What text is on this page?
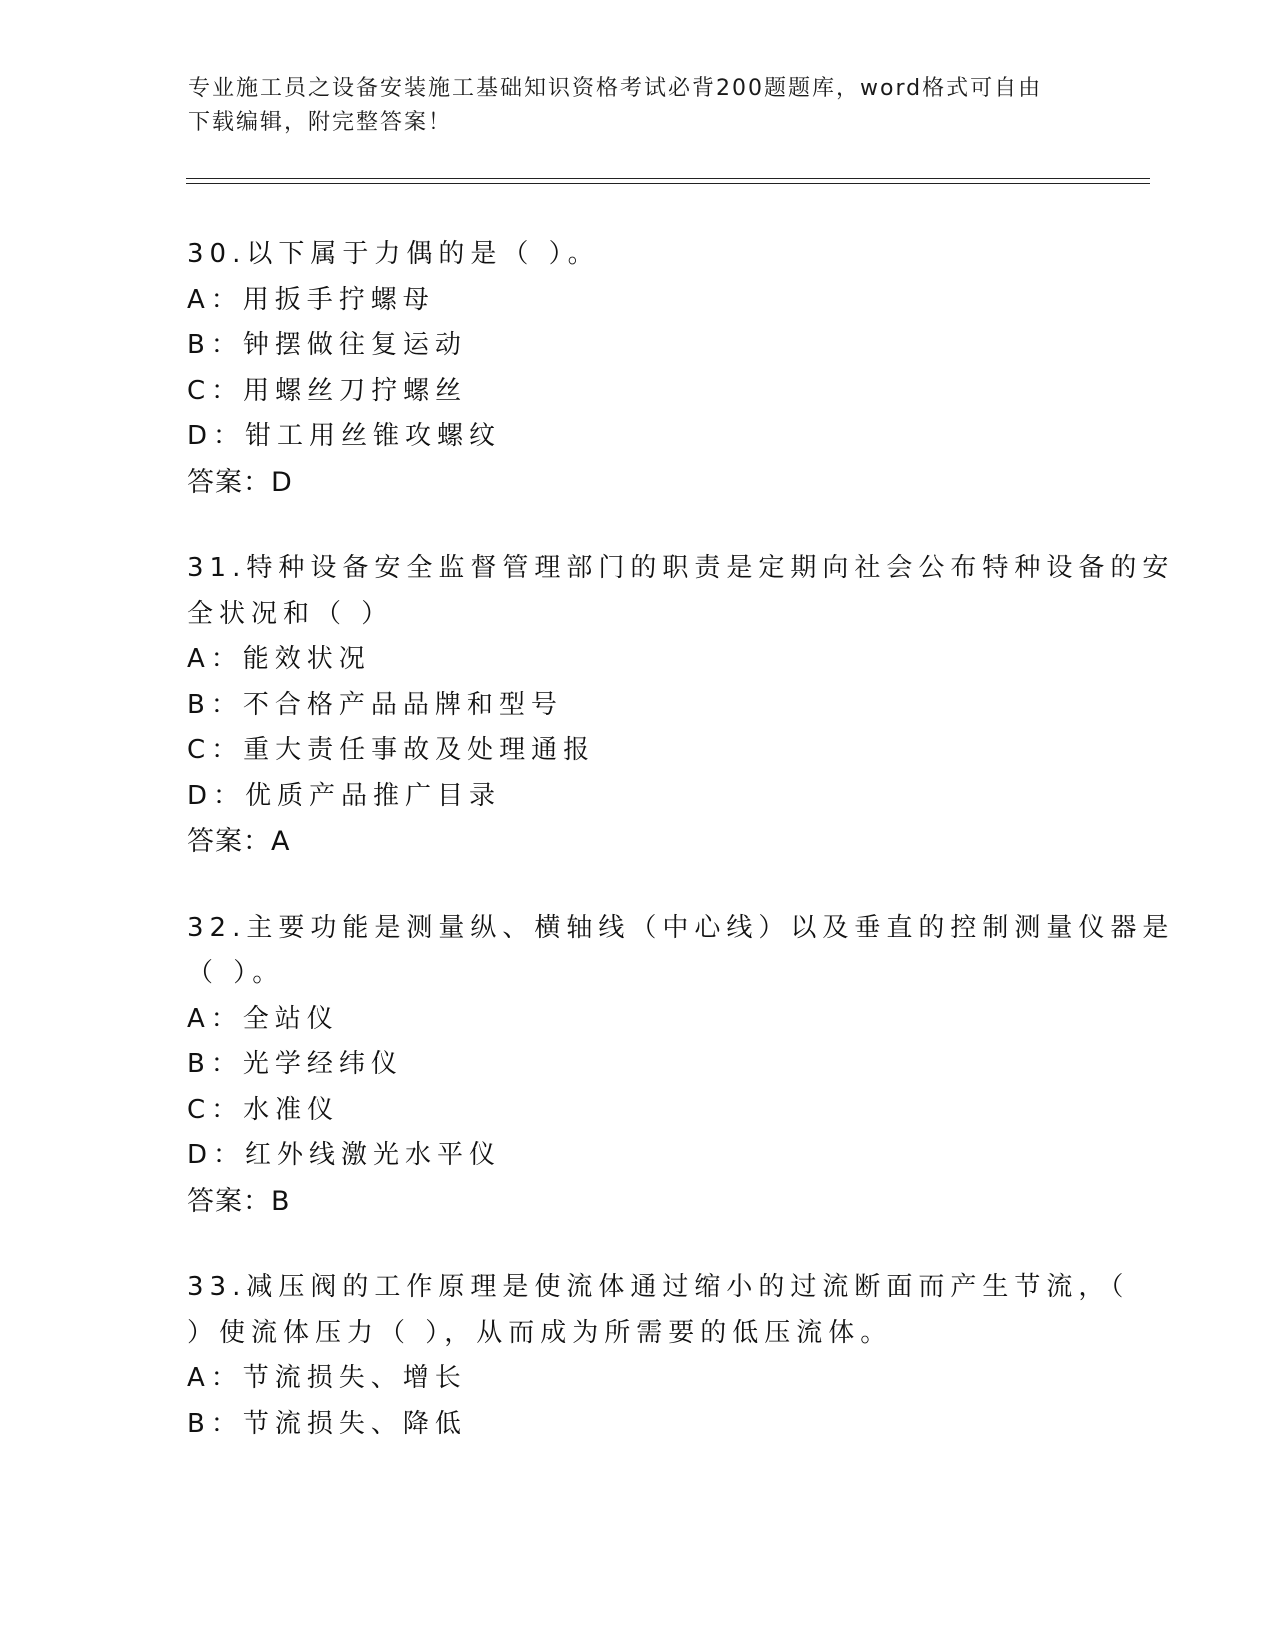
专业施工员之设备安装施工基础知识资格考试必背200题题库，word格式可自由
下载编辑，附完整答案！
30.以下属于力偶的是（ ）。
A：用扳手拧螺母
B：钟摆做往复运动
C：用螺丝刀拧螺丝
D：钳工用丝锥攻螺纹
答案：D
31.特种设备安全监督管理部门的职责是定期向社会公布特种设备的安
全状况和（ ）
A：能效状况
B：不合格产品品牌和型号
C：重大责任事故及处理通报
D：优质产品推广目录
答案：A
32.主要功能是测量纵、横轴线（中心线）以及垂直的控制测量仪器是
（ ）。
A：全站仪
B：光学经纬仪
C：水准仪
D：红外线激光水平仪
答案：B
33.减压阀的工作原理是使流体通过缩小的过流断面而产生节流，（
）使流体压力（ ），从而成为所需要的低压流体。
A：节流损失、增长
B：节流损失、降低
